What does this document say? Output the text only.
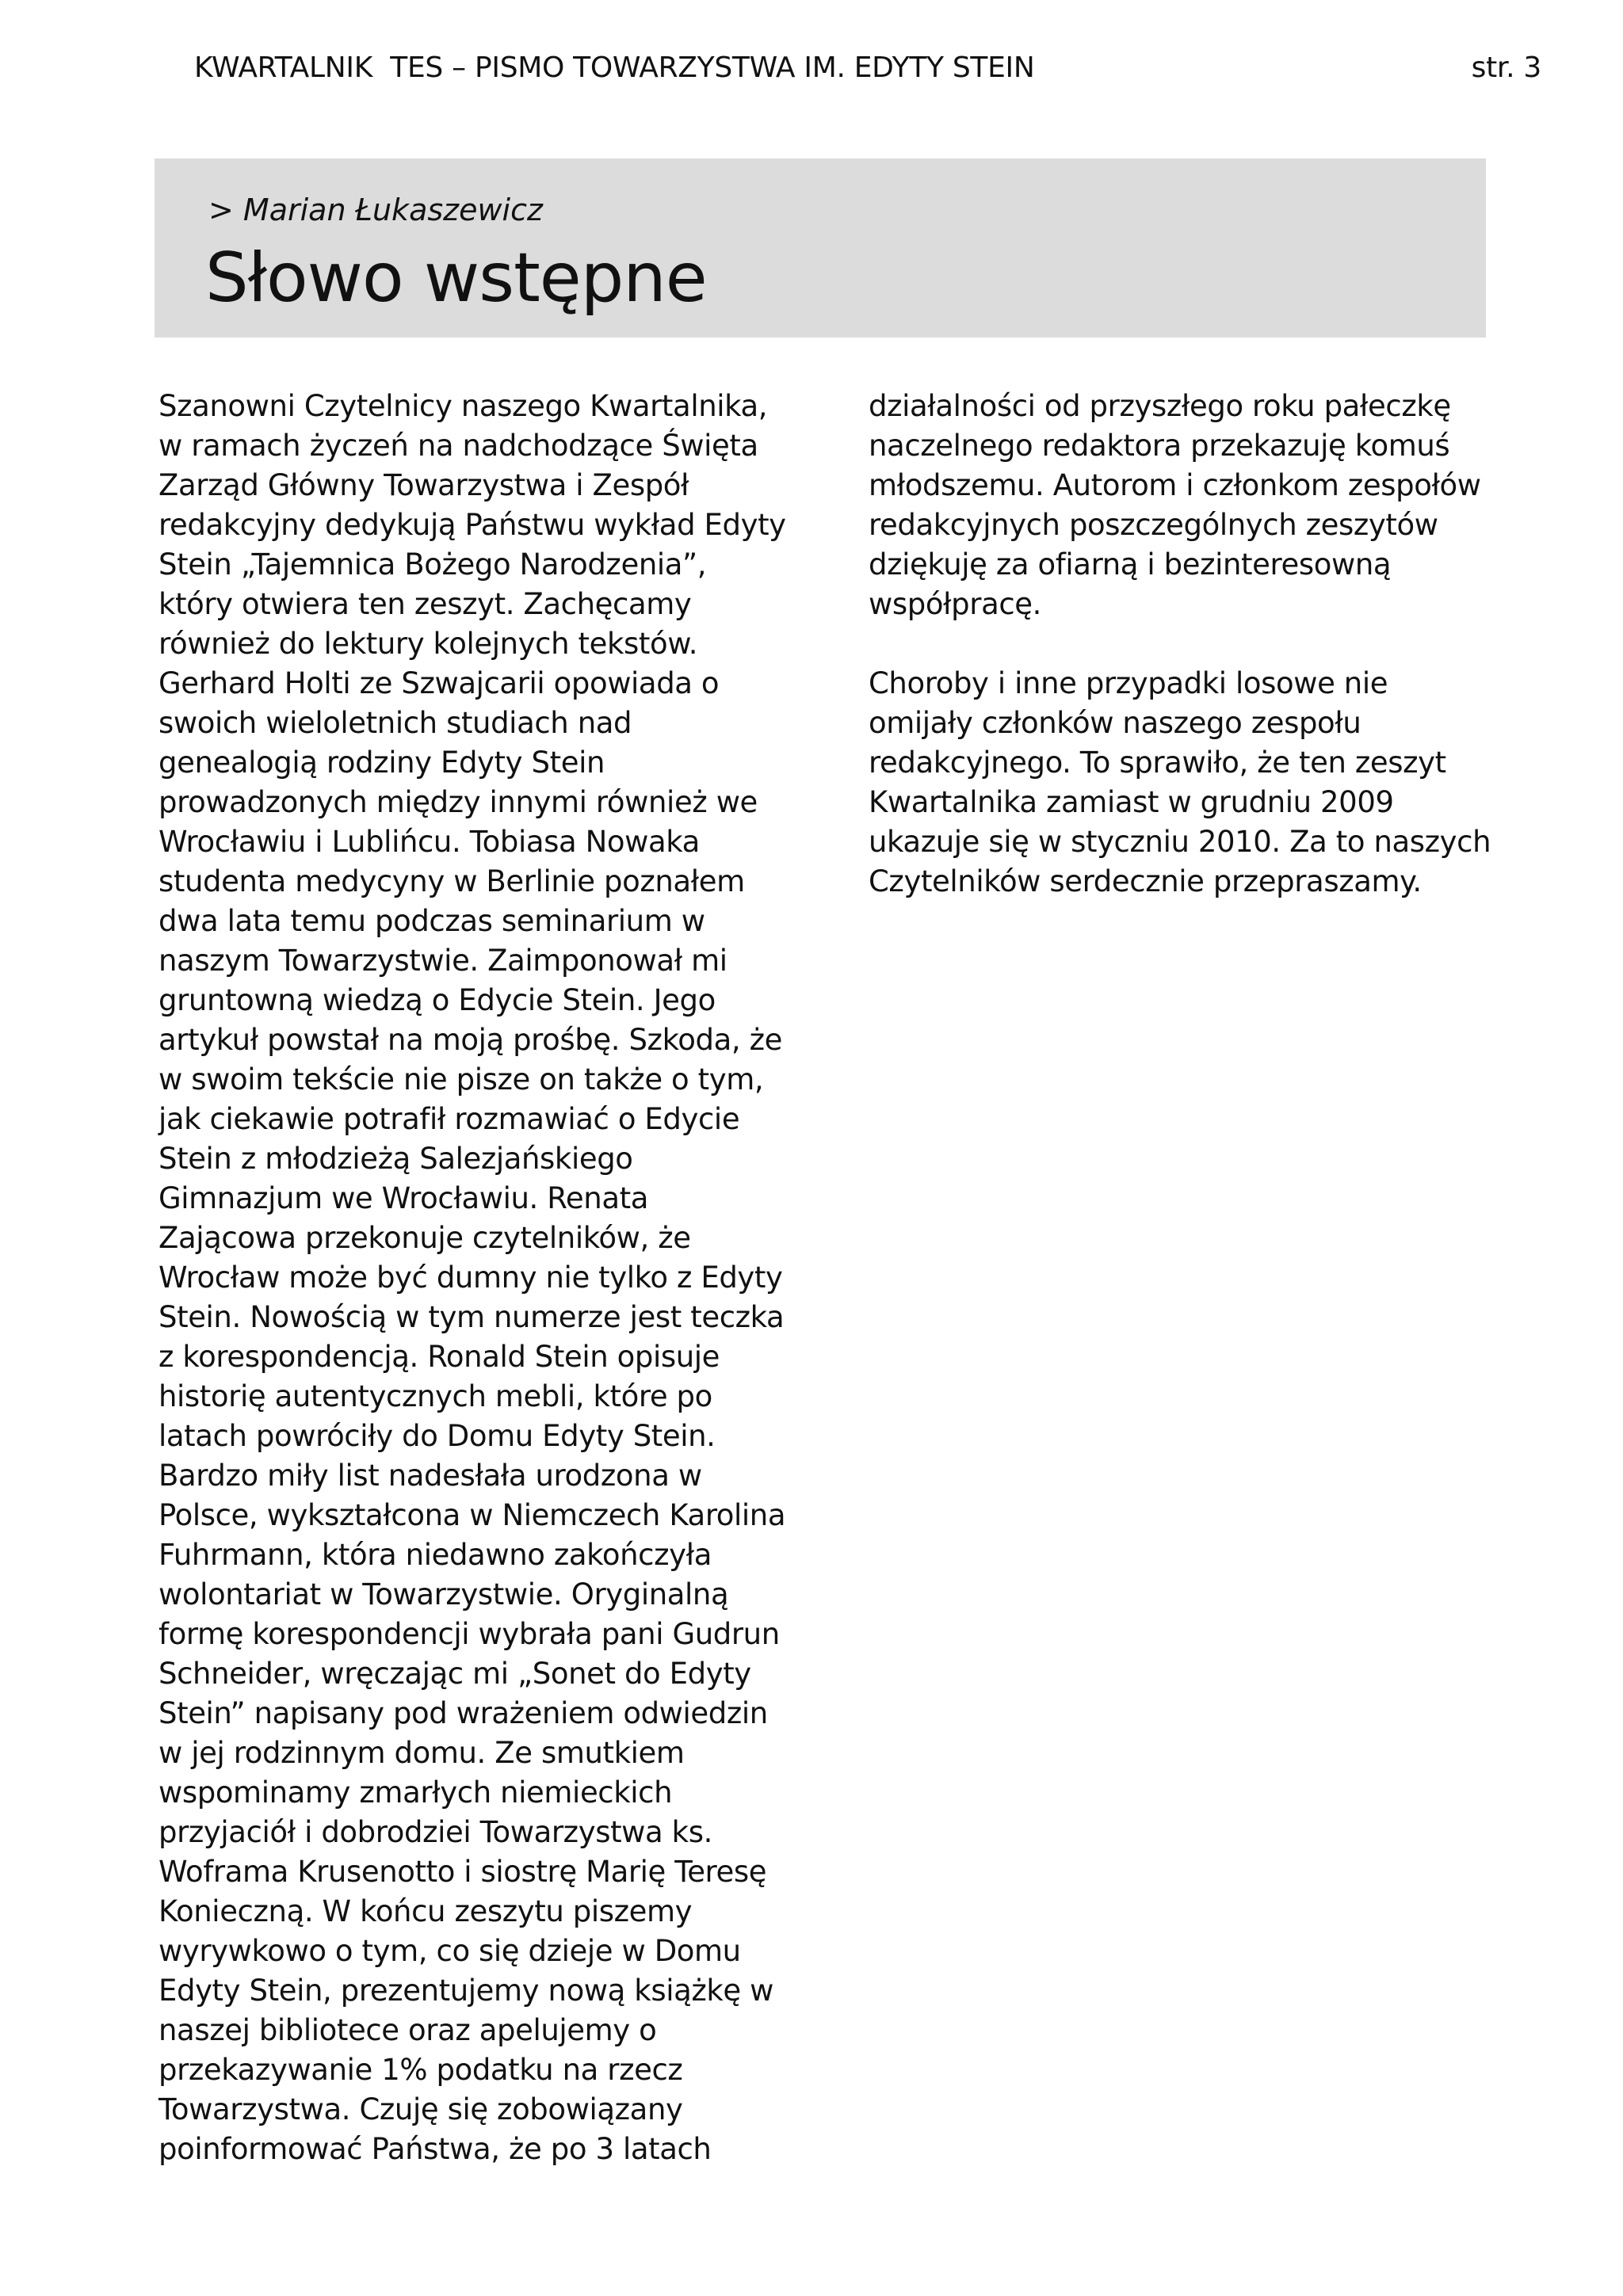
KWARTALNIK  TES – PISMO TOWARZYSTWA IM. EDYTY STEIN	str. 3
> Marian Łukaszewicz
Słowo wstępne

Szanowni Czytelnicy naszego Kwartalnika,
w ramach życzeń na nadchodzące Święta
Zarząd Główny Towarzystwa i Zespół
redakcyjny dedykują Państwu wykład Edyty
Stein „Tajemnica Bożego Narodzenia”,
który otwiera ten zeszyt. Zachęcamy
również do lektury kolejnych tekstów.
Gerhard Holti ze Szwajcarii opowiada o
swoich wieloletnich studiach nad
genealogią rodziny Edyty Stein
prowadzonych między innymi również we
Wrocławiu i Lublińcu. Tobiasa Nowaka
studenta medycyny w Berlinie poznałem
dwa lata temu podczas seminarium w
naszym Towarzystwie. Zaimponował mi
gruntowną wiedzą o Edycie Stein. Jego
artykuł powstał na moją prośbę. Szkoda, że
w swoim tekście nie pisze on także o tym,
jak ciekawie potrafił rozmawiać o Edycie
Stein z młodzieżą Salezjańskiego
Gimnazjum we Wrocławiu. Renata
Zającowa przekonuje czytelników, że
Wrocław może być dumny nie tylko z Edyty
Stein. Nowością w tym numerze jest teczka
z korespondencją. Ronald Stein opisuje
historię autentycznych mebli, które po
latach powróciły do Domu Edyty Stein.
Bardzo miły list nadesłała urodzona w
Polsce, wykształcona w Niemczech Karolina
Fuhrmann, która niedawno zakończyła
wolontariat w Towarzystwie. Oryginalną
formę korespondencji wybrała pani Gudrun
Schneider, wręczając mi „Sonet do Edyty
Stein” napisany pod wrażeniem odwiedzin
w jej rodzinnym domu. Ze smutkiem
wspominamy zmarłych niemieckich
przyjaciół i dobrodziei Towarzystwa ks.
Woframa Krusenotto i siostrę Marię Teresę
Konieczną. W końcu zeszytu piszemy
wyrywkowo o tym, co się dzieje w Domu
Edyty Stein, prezentujemy nową książkę w
naszej bibliotece oraz apelujemy o
przekazywanie 1% podatku na rzecz
Towarzystwa. Czuję się zobowiązany
poinformować Państwa, że po 3 latach

działalności od przyszłego roku pałeczkę
naczelnego redaktora przekazuję komuś
młodszemu. Autorom i członkom zespołów
redakcyjnych poszczególnych zeszytów
dziękuję za ofiarną i bezinteresowną
współpracę.

Choroby i inne przypadki losowe nie
omijały członków naszego zespołu
redakcyjnego. To sprawiło, że ten zeszyt
Kwartalnika zamiast w grudniu 2009
ukazuje się w styczniu 2010. Za to naszych
Czytelników serdecznie przepraszamy.
